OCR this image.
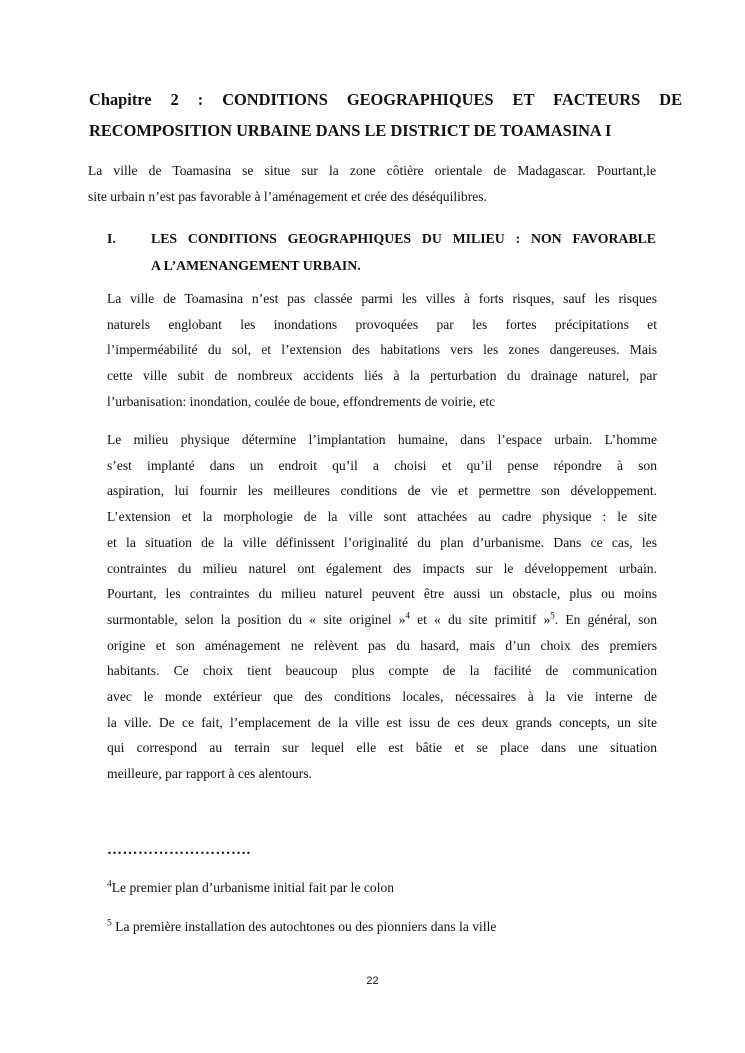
Chapitre 2 : CONDITIONS GEOGRAPHIQUES ET FACTEURS DE
RECOMPOSITION URBAINE DANS LE DISTRICT DE TOAMASINA I
La ville de Toamasina se situe sur la zone côtière orientale de Madagascar. Pourtant,le
site urbain n’est pas favorable à l’aménagement et crée des déséquilibres.
I.	LES CONDITIONS GEOGRAPHIQUES DU MILIEU : NON FAVORABLE
A L’AMENANGEMENT URBAIN.
La ville de Toamasina n’est pas classée parmi les villes à forts risques, sauf les risques
naturels englobant les inondations provoquées par les fortes précipitations et
l’imperméabilité du sol, et l’extension des habitations vers les zones dangereuses. Mais
cette ville subit de nombreux accidents liés à la perturbation du drainage naturel, par
l’urbanisation: inondation, coulée de boue, effondrements de voirie, etc
Le milieu physique détermine l’implantation humaine, dans l’espace urbain. L’homme
s’est implanté dans un endroit qu’il a choisi et qu’il pense répondre à son
aspiration, lui fournir les meilleures conditions de vie et permettre son développement.
L’extension et la morphologie de la ville sont attachées au cadre physique : le site
et la situation de la ville définissent l’originalité du plan d’urbanisme. Dans ce cas, les
contraintes du milieu naturel ont également des impacts sur le développement urbain.
Pourtant, les contraintes du milieu naturel peuvent être aussi un obstacle, plus ou moins
surmontable, selon la position du « site originel »$^4$ et « du site primitif »$^5$. En général, son
origine et son aménagement ne relèvent pas du hasard, mais d’un choix des premiers
habitants. Ce choix tient beaucoup plus compte de la facilité de communication
avec le monde extérieur que des conditions locales, nécessaires à la vie interne de
la ville. De ce fait, l’emplacement de la ville est issu de ces deux grands concepts, un site
qui correspond au terrain sur lequel elle est bâtie et se place dans une situation
meilleure, par rapport à ces alentours.
……………………….
$^4$Le premier plan d’urbanisme initial fait par le colon
$^5$ La première installation des autochtones ou des pionniers dans la ville
22
